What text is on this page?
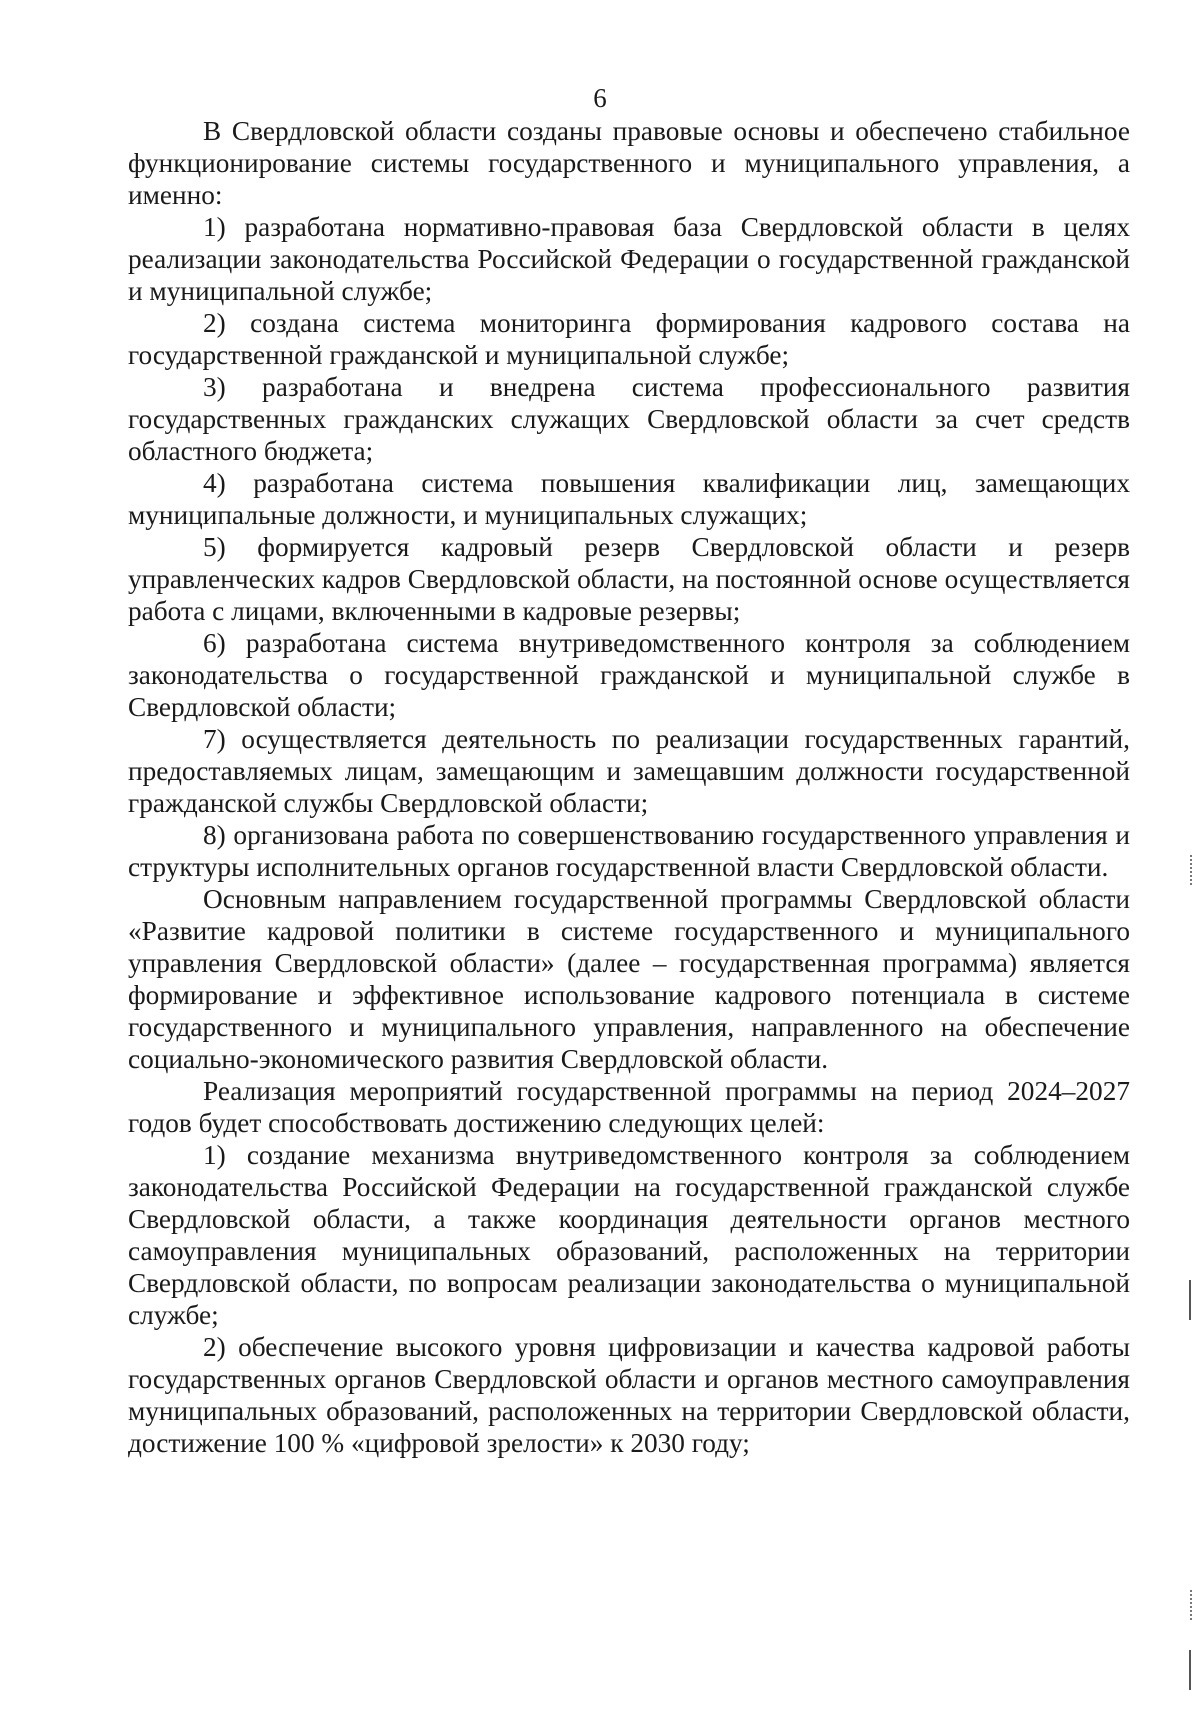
6

В Свердловской области созданы правовые основы и обеспечено стабильное функционирование системы государственного и муниципального управления, а именно:

1) разработана нормативно-правовая база Свердловской области в целях реализации законодательства Российской Федерации о государственной гражданской и муниципальной службе;

2) создана система мониторинга формирования кадрового состава на государственной гражданской и муниципальной службе;

3) разработана и внедрена система профессионального развития государственных гражданских служащих Свердловской области за счет средств областного бюджета;

4) разработана система повышения квалификации лиц, замещающих муниципальные должности, и муниципальных служащих;

5) формируется кадровый резерв Свердловской области и резерв управленческих кадров Свердловской области, на постоянной основе осуществляется работа с лицами, включенными в кадровые резервы;

6) разработана система внутриведомственного контроля за соблюдением законодательства о государственной гражданской и муниципальной службе в Свердловской области;

7) осуществляется деятельность по реализации государственных гарантий, предоставляемых лицам, замещающим и замещавшим должности государственной гражданской службы Свердловской области;

8) организована работа по совершенствованию государственного управления и структуры исполнительных органов государственной власти Свердловской области.

Основным направлением государственной программы Свердловской области «Развитие кадровой политики в системе государственного и муниципального управления Свердловской области» (далее – государственная программа) является формирование и эффективное использование кадрового потенциала в системе государственного и муниципального управления, направленного на обеспечение социально-экономического развития Свердловской области.

Реализация мероприятий государственной программы на период 2024–2027 годов будет способствовать достижению следующих целей:

1) создание механизма внутриведомственного контроля за соблюдением законодательства Российской Федерации на государственной гражданской службе Свердловской области, а также координация деятельности органов местного самоуправления муниципальных образований, расположенных на территории Свердловской области, по вопросам реализации законодательства о муниципальной службе;

2) обеспечение высокого уровня цифровизации и качества кадровой работы государственных органов Свердловской области и органов местного самоуправления муниципальных образований, расположенных на территории Свердловской области, достижение 100 % «цифровой зрелости» к 2030 году;
